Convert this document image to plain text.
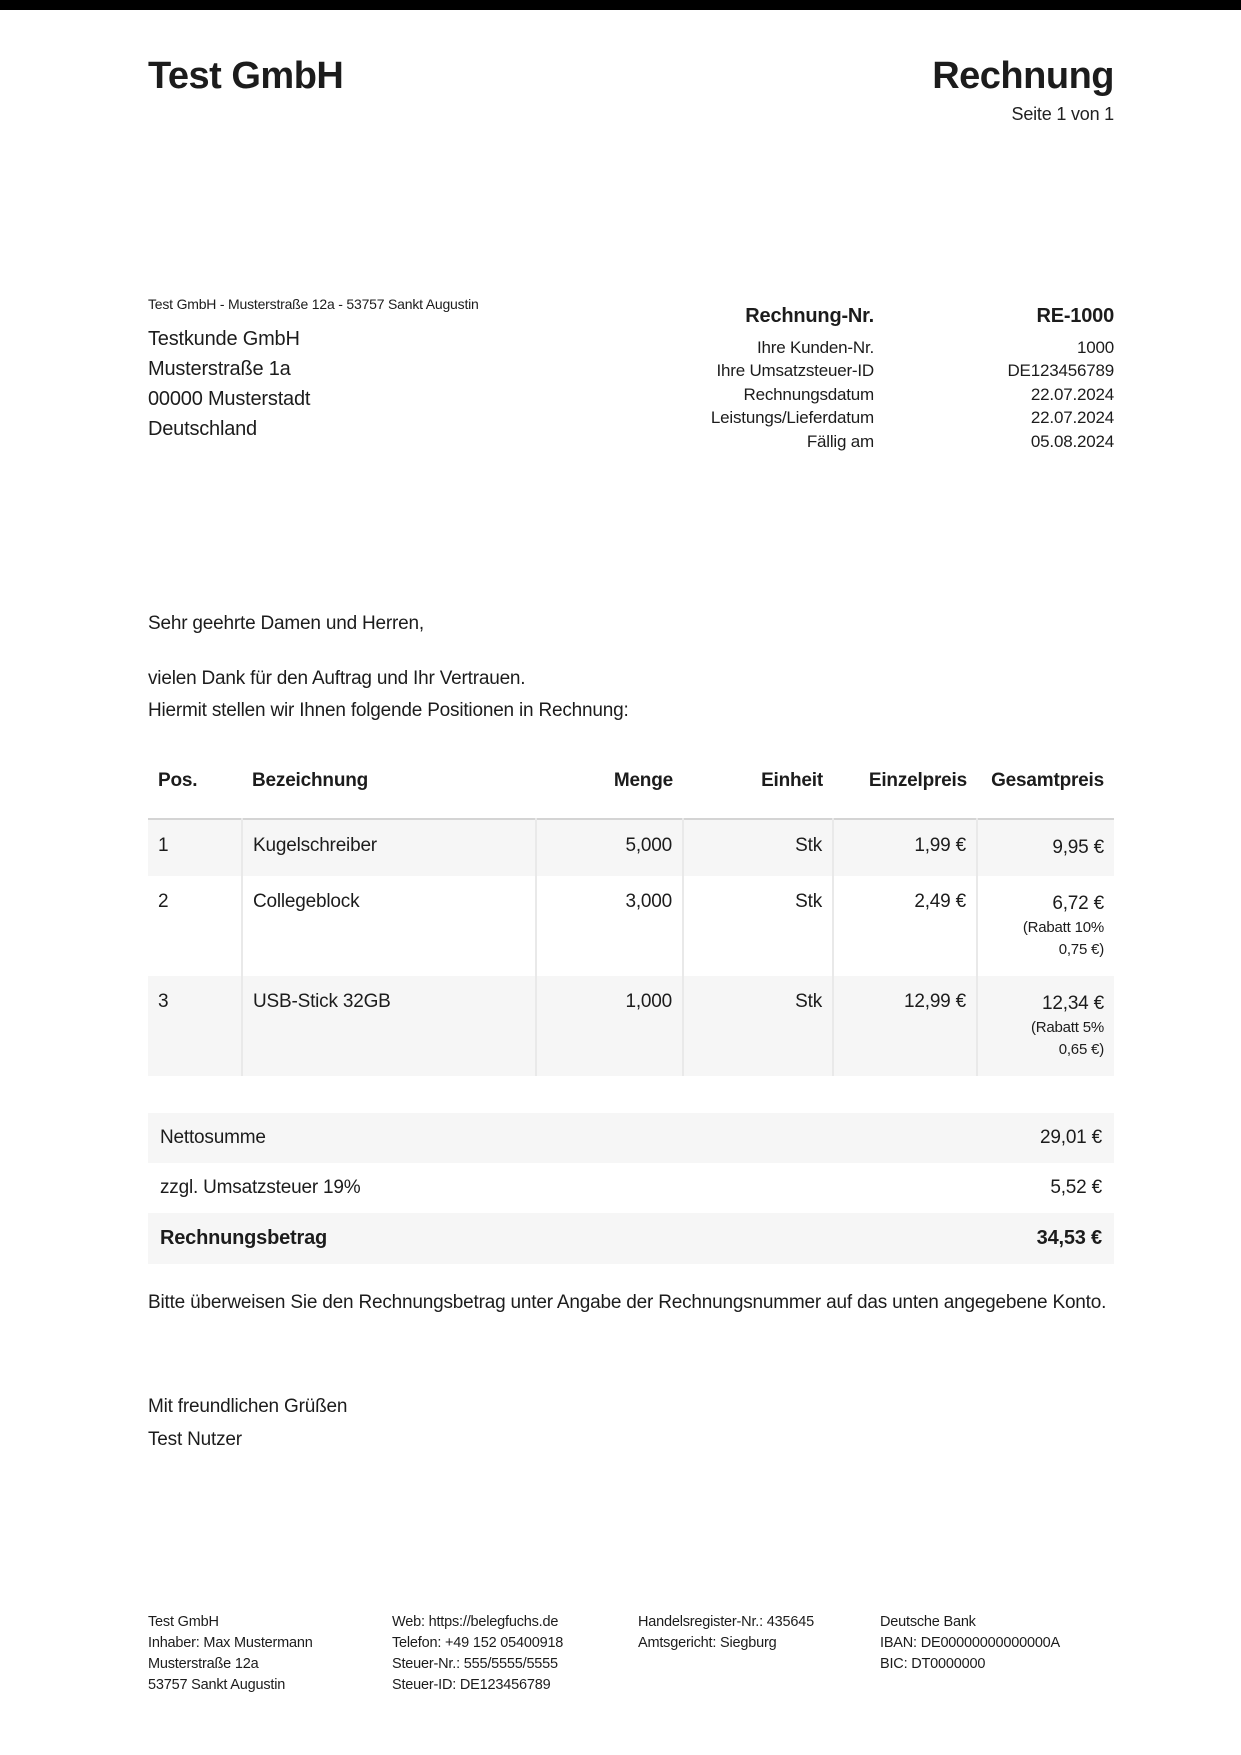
Test GmbH	Rechnung
Seite 1 von 1
Test GmbH - Musterstraße 12a - 53757 Sankt Augustin
Testkunde GmbH
Musterstraße 1a
00000 Musterstadt
Deutschland
Rechnung-Nr.	RE-1000
Ihre Kunden-Nr.	1000
Ihre Umsatzsteuer-ID	DE123456789
Rechnungsdatum	22.07.2024
Leistungs/Lieferdatum	22.07.2024
Fällig am	05.08.2024

Sehr geehrte Damen und Herren,

vielen Dank für den Auftrag und Ihr Vertrauen.

Hiermit stellen wir Ihnen folgende Positionen in Rechnung:

Pos.	Bezeichnung	Menge	Einheit	Einzelpreis	Gesamtpreis
1	Kugelschreiber	5,000	Stk	1,99 €	9,95 €

2	Collegeblock	3,000	Stk	2,49 €	6,72 €
(Rabatt 10%
0,75 €)

3	USB-Stick 32GB	1,000	Stk	12,99 €	12,34 €
(Rabatt 5%
0,65 €)
Nettosumme	29,01 €
zzgl. Umsatzsteuer 19%	5,52 €
Rechnungsbetrag	34,53 €

Bitte überweisen Sie den Rechnungsbetrag unter Angabe der Rechnungsnummer auf das unten angegebene Konto.

Mit freundlichen Grüßen
Test Nutzer
Test GmbH
Inhaber: Max Mustermann
Musterstraße 12a
53757 Sankt Augustin
Web: https://belegfuchs.de
Telefon: +49 152 05400918
Steuer-Nr.: 555/5555/5555
Steuer-ID: DE123456789
Handelsregister-Nr.: 435645
Amtsgericht: Siegburg
Deutsche Bank
IBAN: DE00000000000000A
BIC: DT0000000
